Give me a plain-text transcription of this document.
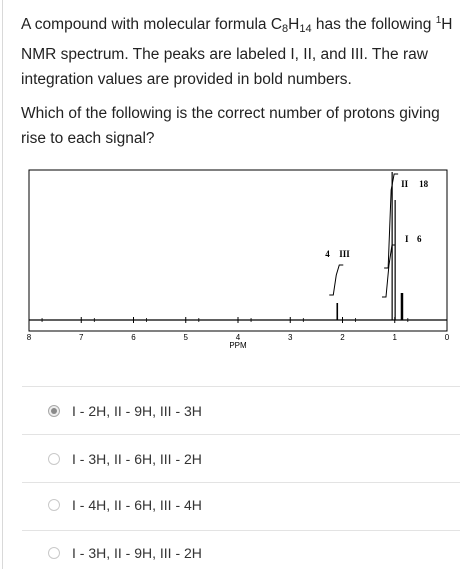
A compound with molecular formula $C_8H_{14}$ has the following $^1$H NMR spectrum. The peaks are labeled I, II, and III. The raw integration values are provided in bold numbers.

Which of the following is the correct number of protons giving rise to each signal?

8	7	6	5	4	3	2	1	0
PPM
4 III
I 6
II 18
I - 2H, II - 9H, III - 3H
I - 3H, II - 6H, III - 2H
I - 4H, II - 6H, III - 4H
I - 3H, II - 9H, III - 2H
